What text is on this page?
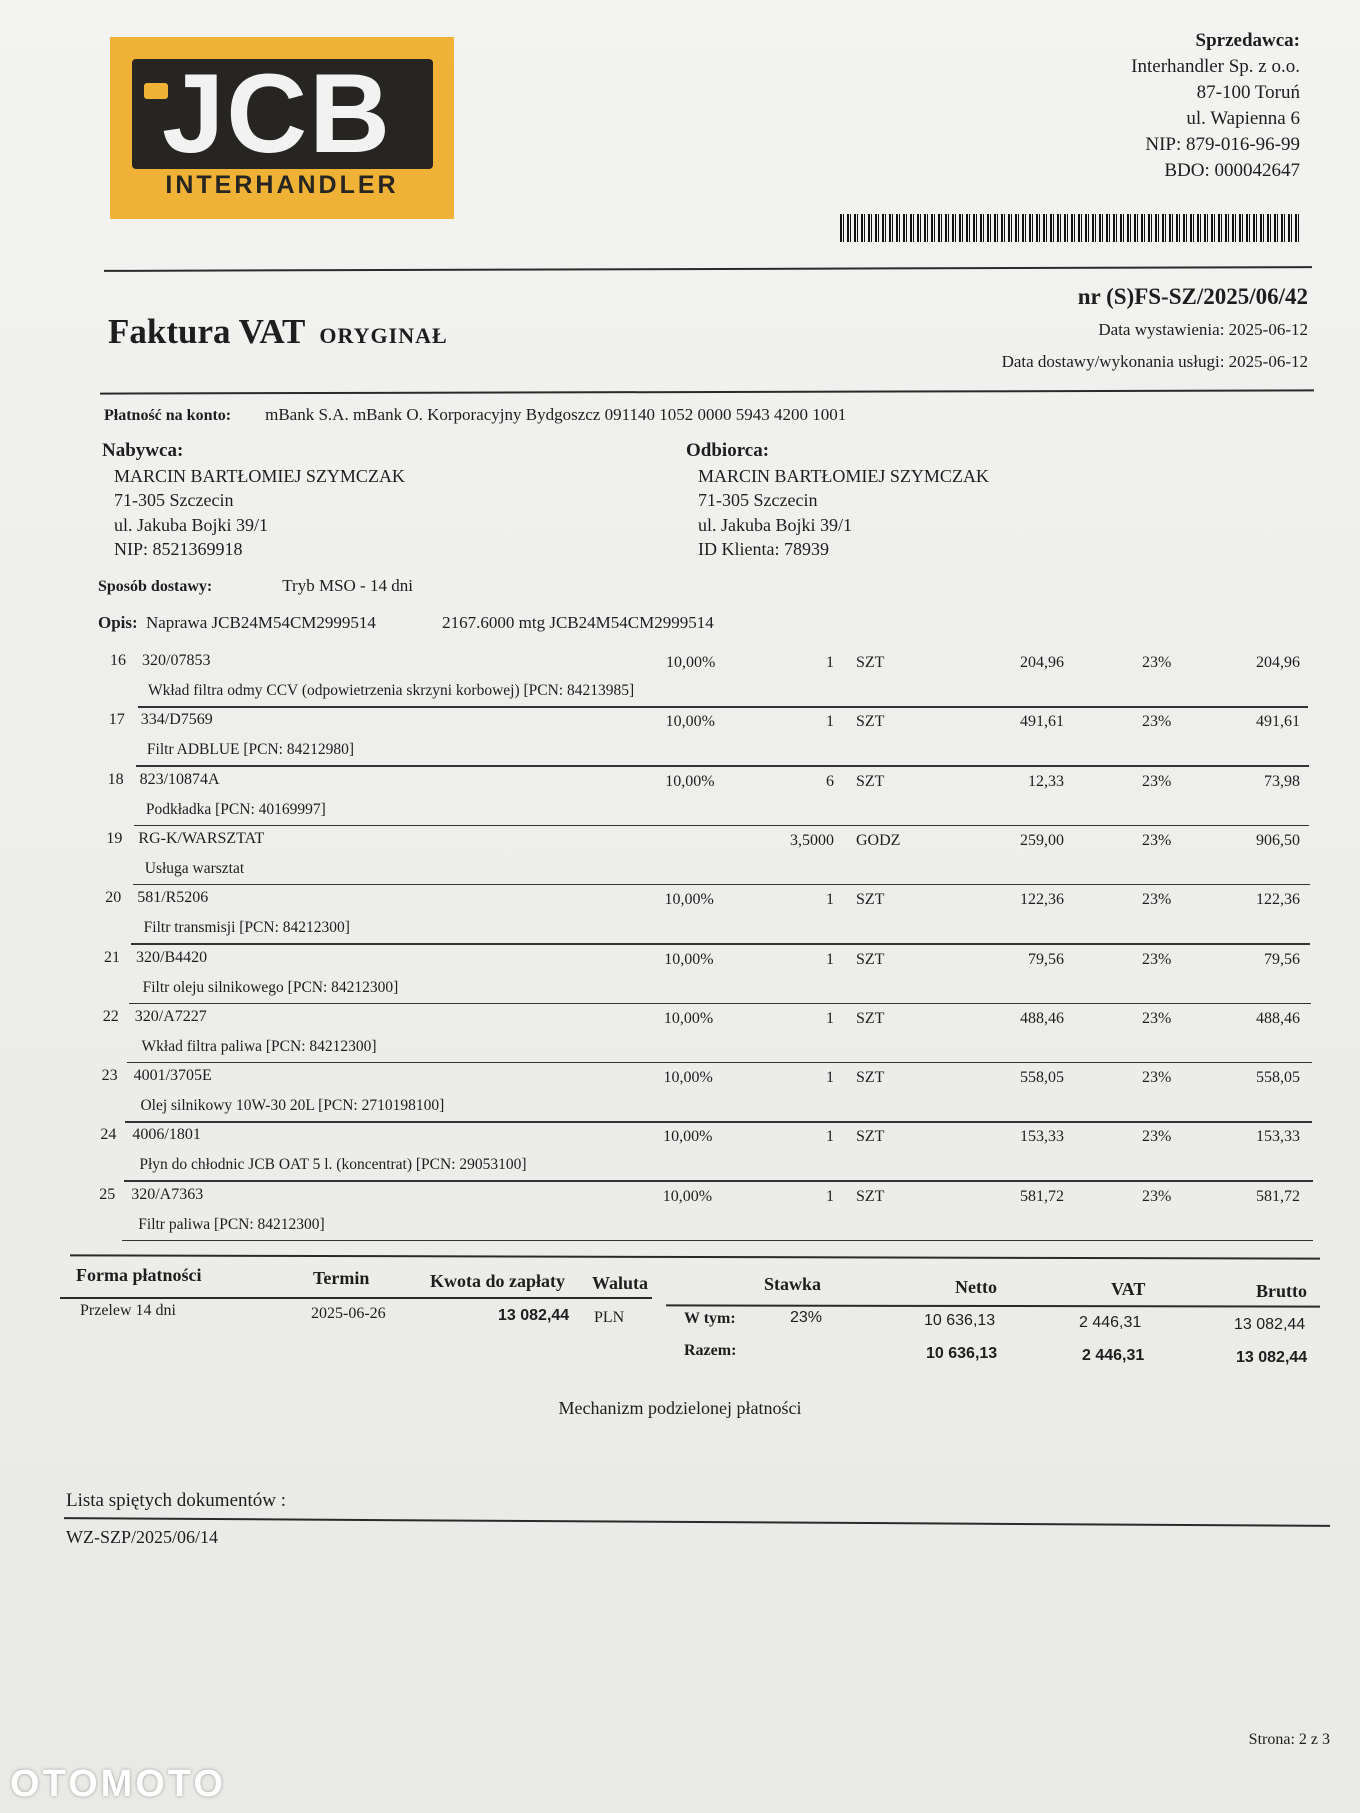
JCB
INTERHANDLER
Sprzedawca:
Interhandler Sp. z o.o.
87-100 Toruń
ul. Wapienna 6
NIP: 879-016-96-99
BDO: 000042647
Faktura VAT ORYGINAŁ
nr (S)FS-SZ/2025/06/42
Data wystawienia: 2025-06-12
Data dostawy/wykonania usługi: 2025-06-12
Płatność na konto: mBank S.A. mBank O. Korporacyjny Bydgoszcz 091140 1052 0000 5943 4200 1001
Nabywca:
MARCIN BARTŁOMIEJ SZYMCZAK
71-305 Szczecin
ul. Jakuba Bojki 39/1
NIP: 8521369918
Odbiorca:
MARCIN BARTŁOMIEJ SZYMCZAK
71-305 Szczecin
ul. Jakuba Bojki 39/1
ID Klienta: 78939
Sposób dostawy:	Tryb MSO - 14 dni
Opis: Naprawa JCB24M54CM2999514	2167.6000 mtg JCB24M54CM2999514
16 320/07853	10,00%	1 SZT	204,96	23%	204,96
Wkład filtra odmy CCV (odpowietrzenia skrzyni korbowej) [PCN: 84213985]
17 334/D7569	10,00%	1 SZT	491,61	23%	491,61
Filtr ADBLUE [PCN: 84212980]
18 823/10874A	10,00%	6 SZT	12,33	23%	73,98
Podkładka [PCN: 40169997]
19 RG-K/WARSZTAT	3,5000 GODZ	259,00	23%	906,50
Usługa warsztat
20 581/R5206	10,00%	1 SZT	122,36	23%	122,36
Filtr transmisji [PCN: 84212300]
21 320/B4420	10,00%	1 SZT	79,56	23%	79,56
Filtr oleju silnikowego [PCN: 84212300]
22 320/A7227	10,00%	1 SZT	488,46	23%	488,46
Wkład filtra paliwa [PCN: 84212300]
23 4001/3705E	10,00%	1 SZT	558,05	23%	558,05
Olej silnikowy 10W-30 20L [PCN: 2710198100]
24 4006/1801	10,00%	1 SZT	153,33	23%	153,33
Płyn do chłodnic JCB OAT 5 l. (koncentrat) [PCN: 29053100]
25 320/A7363	10,00%	1 SZT	581,72	23%	581,72
Filtr paliwa [PCN: 84212300]
Forma płatności	Termin	Kwota do zapłaty Waluta
Przelew 14 dni	2025-06-26	13 082,44 PLN
Stawka	Netto	VAT	Brutto
W tym:	23%	10 636,13	2 446,31	13 082,44
Razem:	10 636,13	2 446,31	13 082,44
Mechanizm podzielonej płatności
Lista spiętych dokumentów :
WZ-SZP/2025/06/14
Strona: 2 z 3
OTOMOTO
